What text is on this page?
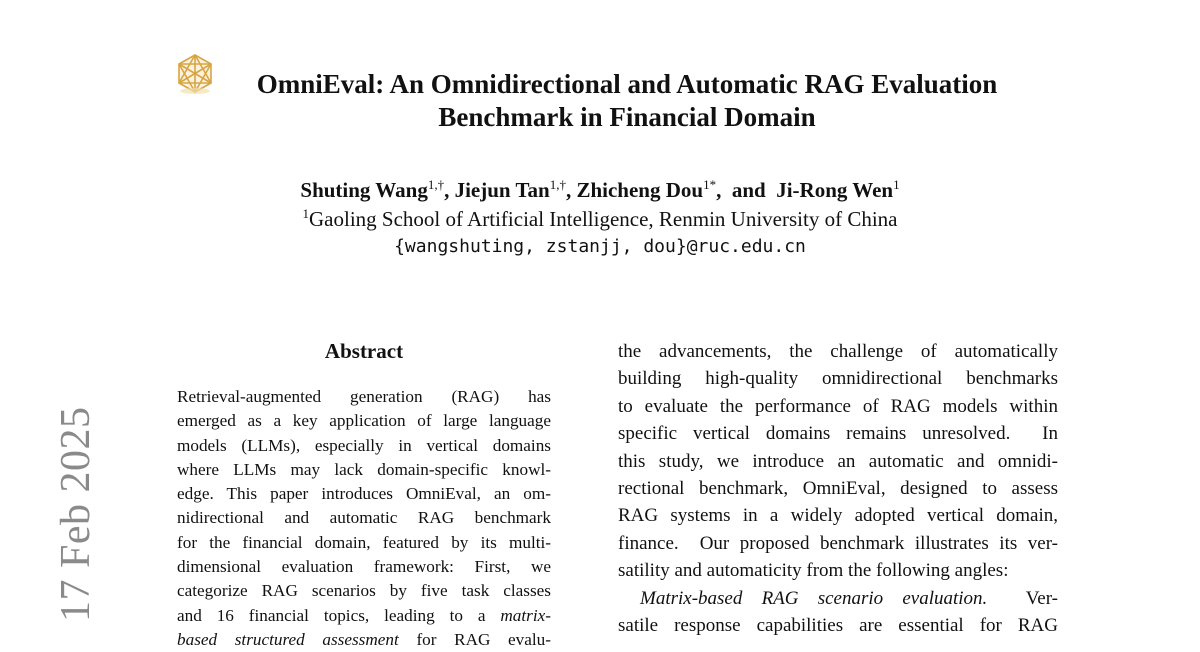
17 Feb 2025
OmniEval: An Omnidirectional and Automatic RAG Evaluation
Benchmark in Financial Domain
Shuting Wang$^{1,\dagger}$, Jiejun Tan$^{1,\dagger}$, Zhicheng Dou$^{1*}$,  and  Ji-Rong Wen$^1$
$^1$Gaoling School of Artificial Intelligence, Renmin University of China
{wangshuting, zstanjj, dou}@ruc.edu.cn
Abstract
Retrieval-augmented generation (RAG) has
emerged as a key application of large language
models (LLMs), especially in vertical domains
where LLMs may lack domain-specific knowl-
edge. This paper introduces OmniEval, an om-
nidirectional and automatic RAG benchmark
for the financial domain, featured by its multi-
dimensional evaluation framework: First, we
categorize RAG scenarios by five task classes
and 16 financial topics, leading to a matrix-
based structured assessment for RAG evalu-
the advancements, the challenge of automatically
building high-quality omnidirectional benchmarks
to evaluate the performance of RAG models within
specific vertical domains remains unresolved.  In
this study, we introduce an automatic and omnidi-
rectional benchmark, OmniEval, designed to assess
RAG systems in a widely adopted vertical domain,
finance.  Our proposed benchmark illustrates its ver-
satility and automaticity from the following angles:
Matrix-based RAG scenario evaluation. Ver-
satile response capabilities are essential for RAG
